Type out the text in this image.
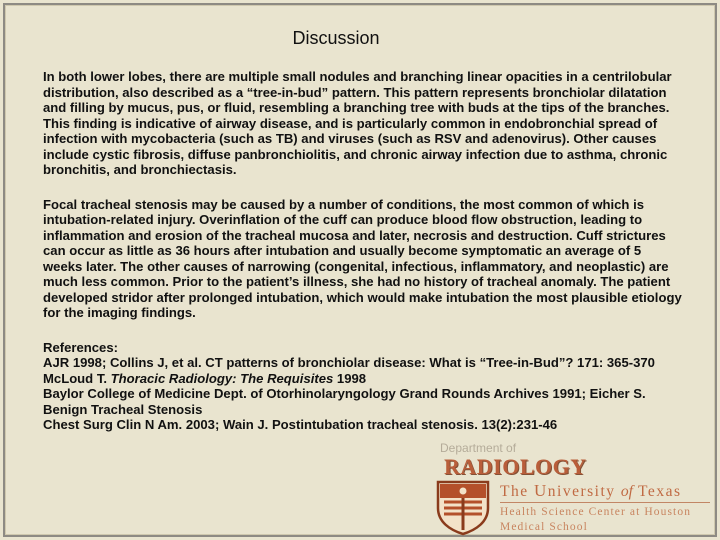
Discussion

In both lower lobes, there are multiple small nodules and branching linear opacities in a centrilobular distribution, also described as a “tree-in-bud” pattern. This pattern represents bronchiolar dilatation and filling by mucus, pus, or fluid, resembling a branching tree with buds at the tips of the branches. This finding is indicative of airway disease, and is particularly common in endobronchial spread of infection with mycobacteria (such as TB) and viruses (such as RSV and adenovirus). Other causes include cystic fibrosis, diffuse panbronchiolitis, and chronic airway infection due to asthma, chronic bronchitis, and bronchiectasis.

Focal tracheal stenosis may be caused by a number of conditions, the most common of which is intubation-related injury. Overinflation of the cuff can produce blood flow obstruction, leading to inflammation and erosion of the tracheal mucosa and later, necrosis and destruction. Cuff strictures can occur as little as 36 hours after intubation and usually become symptomatic an average of 5 weeks later. The other causes of narrowing (congenital, infectious, inflammatory, and neoplastic) are much less common. Prior to the patient’s illness, she had no history of tracheal anomaly. The patient developed stridor after prolonged intubation, which would make intubation the most plausible etiology for the imaging findings.

References:
AJR 1998; Collins J, et al. CT patterns of bronchiolar disease: What is “Tree-in-Bud”? 171: 365-370
McLoud T. Thoracic Radiology: The Requisites 1998
Baylor College of Medicine Dept. of Otorhinolaryngology Grand Rounds Archives 1991; Eicher S. Benign Tracheal Stenosis
Chest Surg Clin N Am. 2003; Wain J. Postintubation tracheal stenosis. 13(2):231-46
Department of
RADIOLOGY
The University of Texas
Health Science Center at Houston
Medical School
